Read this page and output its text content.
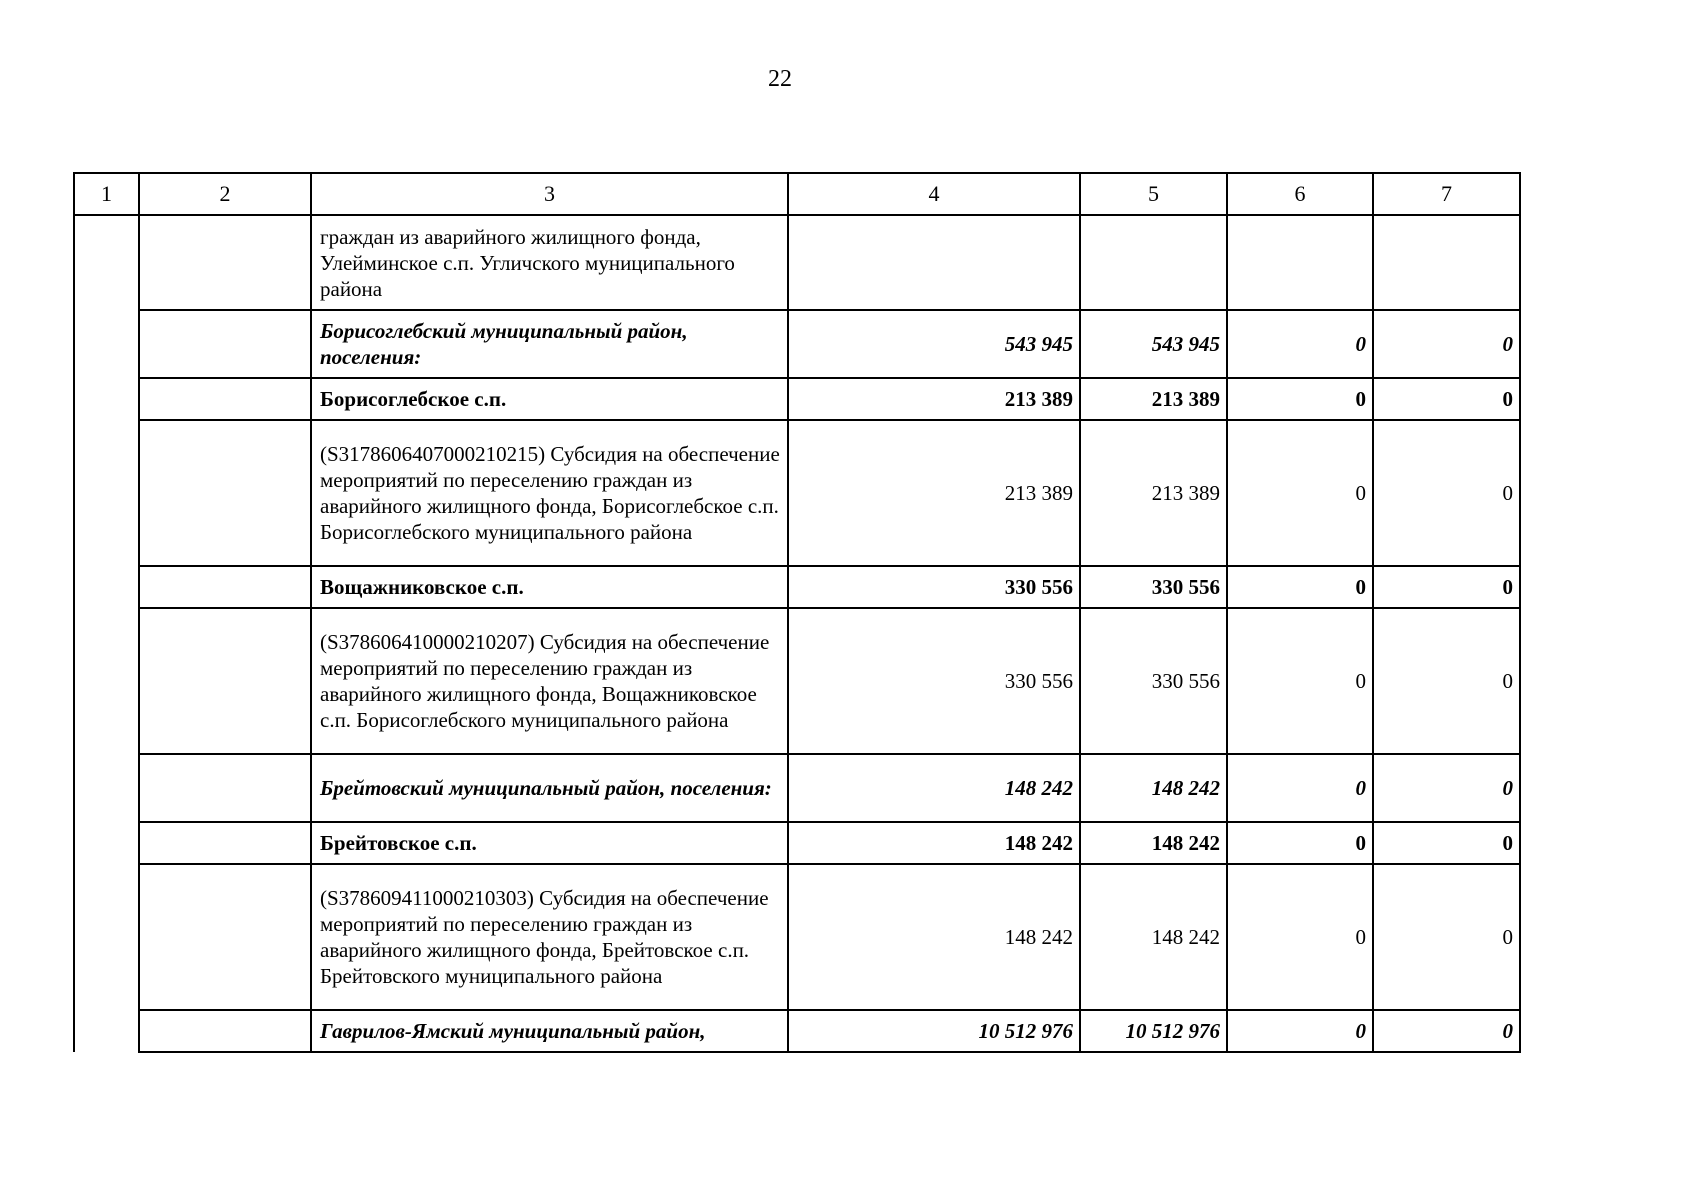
22
1	2	3	4	5	6	7
		граждан из аварийного жилищного фонда, Улейминское с.п. Угличского муниципального района				
		Борисоглебский муниципальный район, поселения:	543 945	543 945	0	0
		Борисоглебское с.п.	213 389	213 389	0	0
		(S3178606407000210215) Субсидия на обеспечение мероприятий по переселению граждан из аварийного жилищного фонда, Борисоглебское с.п. Борисоглебского муниципального района	213 389	213 389	0	0
		Вощажниковское с.п.	330 556	330 556	0	0
		(S378606410000210207) Субсидия на обеспечение мероприятий по переселению граждан из аварийного жилищного фонда, Вощажниковское с.п. Борисоглебского муниципального района	330 556	330 556	0	0
		Брейтовский муниципальный район, поселения:	148 242	148 242	0	0
		Брейтовское с.п.	148 242	148 242	0	0
		(S378609411000210303) Субсидия на обеспечение мероприятий по переселению граждан из аварийного жилищного фонда, Брейтовское с.п. Брейтовского муниципального района	148 242	148 242	0	0
		Гаврилов-Ямский муниципальный район,	10 512 976	10 512 976	0	0
